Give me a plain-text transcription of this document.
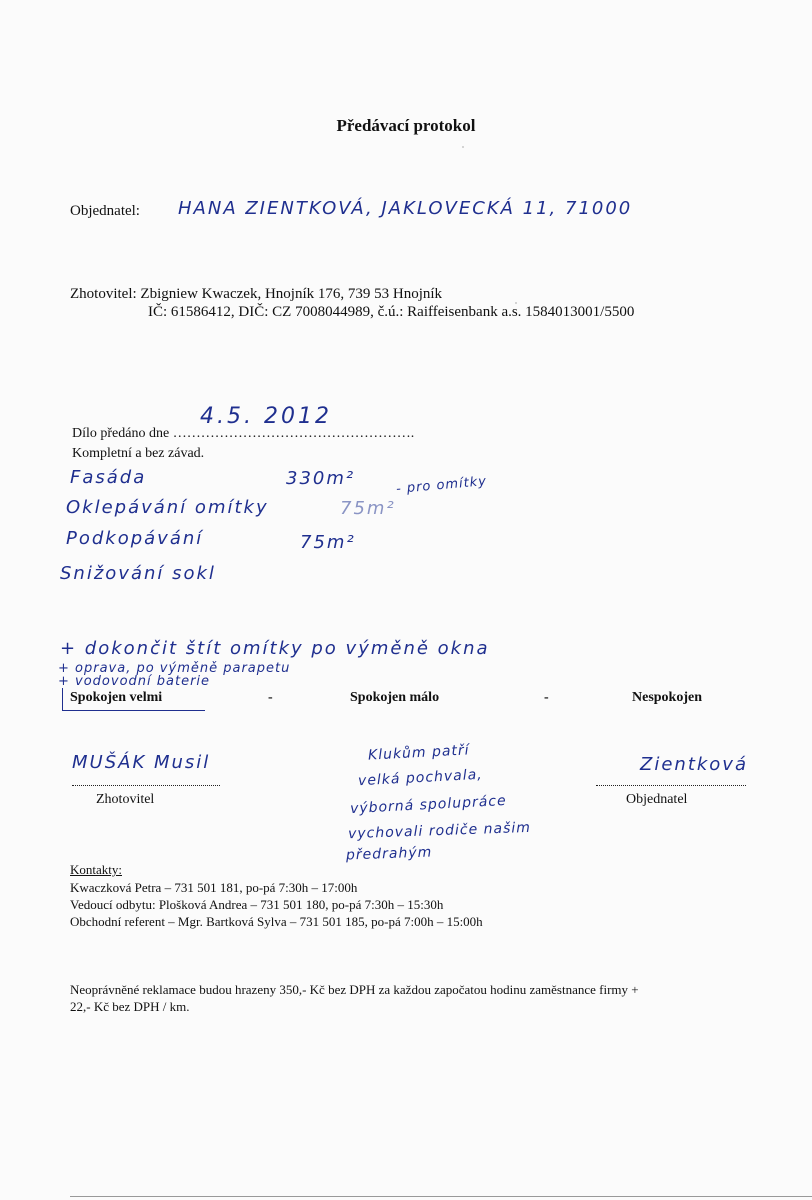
Předávací protokol
Objednatel: HANA ZIENTKOVÁ, JAKLOVECKÁ 11, 71000
Zhotovitel: Zbigniew Kwaczek, Hnojník 176, 739 53 Hnojník
IČ: 61586412, DIČ: CZ 7008044989, č.ú.: Raiffeisenbank a.s. 1584013001/5500
Dílo předáno dne …………………………………………….
4.5. 2012
Kompletní a bez závad.
Fasáda	330m²	- pro omítky
Oklepávání omítky	75m²
Podkopávání	75m²
Snižování sokl
+ dokončit štít omítky po výměně okna
+ oprava, po výměně parapetu
+ vodovodní baterie
Spokojen velmi	-	Spokojen málo	-	Nespokojen
MUŠÁK Musil
Zhotovitel
Zientková
Objednatel
Klukům patří
velká pochvala,
výborná spolupráce
vychovali rodiče našim
předrahým
Kontakty:
Kwaczková Petra – 731 501 181, po-pá 7:30h – 17:00h
Vedoucí odbytu: Plošková Andrea – 731 501 180, po-pá 7:30h – 15:30h
Obchodní referent – Mgr. Bartková Sylva – 731 501 185, po-pá 7:00h – 15:00h
Neoprávněné reklamace budou hrazeny 350,- Kč bez DPH za každou započatou hodinu zaměstnance firmy +
22,- Kč bez DPH / km.
